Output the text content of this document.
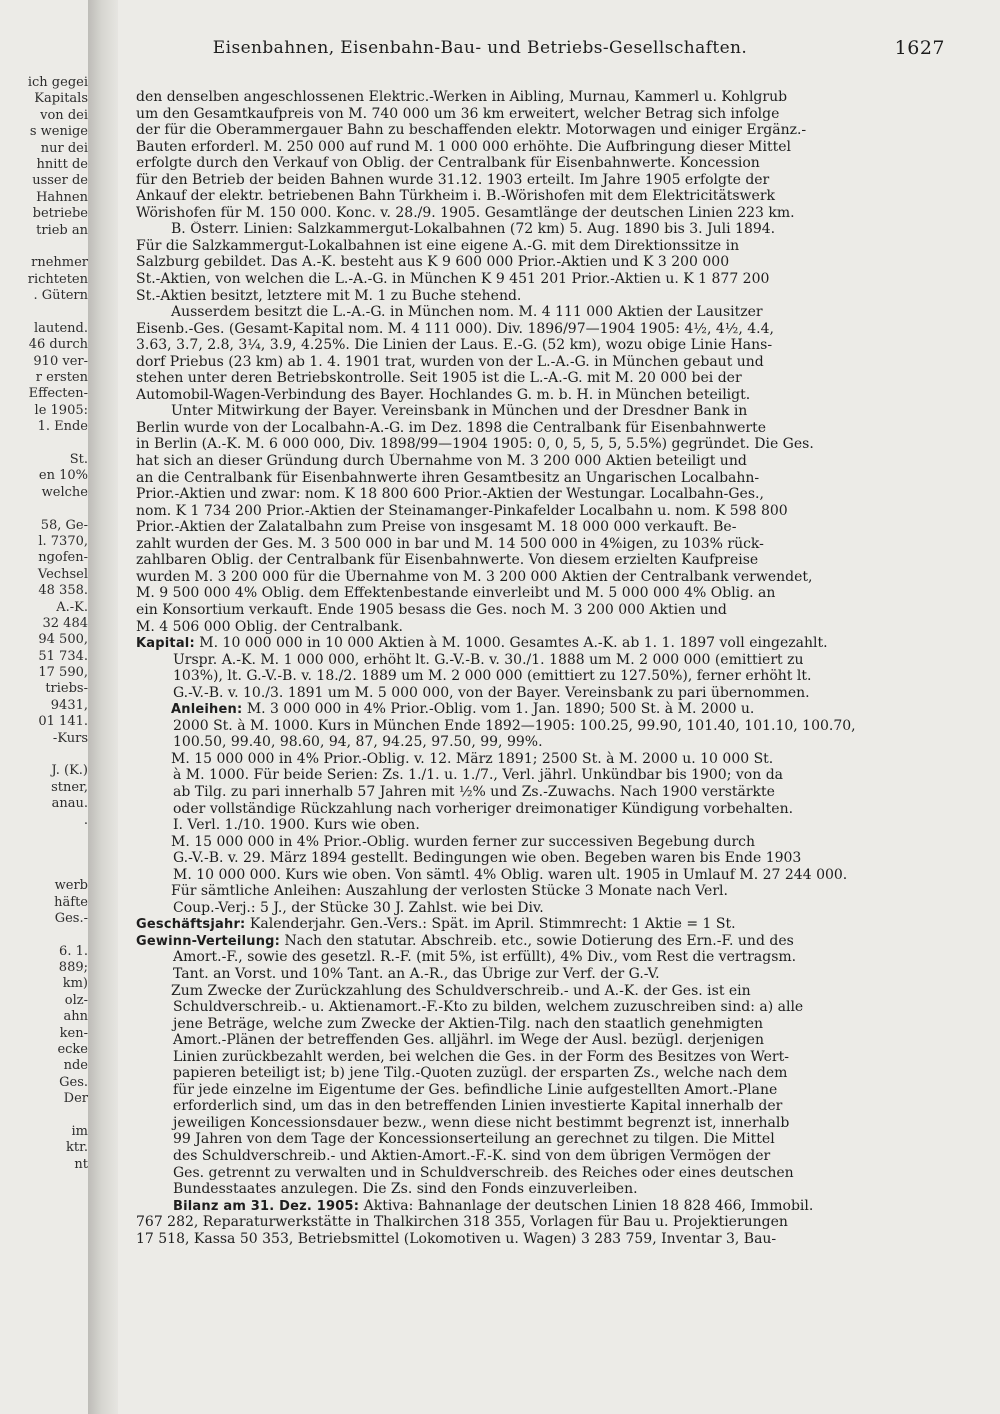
ich gegei
Kapitals
von dei
s wenige
nur dei
hnitt de
usser de
Hahnen
betriebe
trieb an
rnehmer
richteten
. Gütern
lautend.
46 durch
910 ver-
r ersten
Effecten-
le 1905:
1. Ende
St.
en 10%
welche
58, Ge-
l. 7370,
ngofen-
Vechsel
48 358.
A.-K.
32 484
94 500,
51 734.
17 590,
triebs-
9431,
01 141.
-Kurs
J. (K.)
stner,
anau.
.
werb
häfte
Ges.-
6. 1.
889;
km)
olz-
ahn
ken-
ecke
nde
Ges.
Der
im
ktr.
nt
Eisenbahnen, Eisenbahn-Bau- und Betriebs-Gesellschaften.	1627
den denselben angeschlossenen Elektric.-Werken in Aibling, Murnau, Kammerl u. Kohlgrub
um den Gesamtkaufpreis von M. 740 000 um 36 km erweitert, welcher Betrag sich infolge
der für die Oberammergauer Bahn zu beschaffenden elektr. Motorwagen und einiger Ergänz.-
Bauten erforderl. M. 250 000 auf rund M. 1 000 000 erhöhte. Die Aufbringung dieser Mittel
erfolgte durch den Verkauf von Oblig. der Centralbank für Eisenbahnwerte. Koncession
für den Betrieb der beiden Bahnen wurde 31.12. 1903 erteilt. Im Jahre 1905 erfolgte der
Ankauf der elektr. betriebenen Bahn Türkheim i. B.-Wörishofen mit dem Elektricitätswerk
Wörishofen für M. 150 000. Konc. v. 28./9. 1905. Gesamtlänge der deutschen Linien 223 km.
B. Österr. Linien: Salzkammergut-Lokalbahnen (72 km) 5. Aug. 1890 bis 3. Juli 1894.
Für die Salzkammergut-Lokalbahnen ist eine eigene A.-G. mit dem Direktionssitze in
Salzburg gebildet. Das A.-K. besteht aus K 9 600 000 Prior.-Aktien und K 3 200 000
St.-Aktien, von welchen die L.-A.-G. in München K 9 451 201 Prior.-Aktien u. K 1 877 200
St.-Aktien besitzt, letztere mit M. 1 zu Buche stehend.
Ausserdem besitzt die L.-A.-G. in München nom. M. 4 111 000 Aktien der Lausitzer
Eisenb.-Ges. (Gesamt-Kapital nom. M. 4 111 000). Div. 1896/97—1904 1905: 4½, 4½, 4.4,
3.63, 3.7, 2.8, 3¼, 3.9, 4.25%. Die Linien der Laus. E.-G. (52 km), wozu obige Linie Hans-
dorf Priebus (23 km) ab 1. 4. 1901 trat, wurden von der L.-A.-G. in München gebaut und
stehen unter deren Betriebskontrolle. Seit 1905 ist die L.-A.-G. mit M. 20 000 bei der
Automobil-Wagen-Verbindung des Bayer. Hochlandes G. m. b. H. in München beteiligt.
Unter Mitwirkung der Bayer. Vereinsbank in München und der Dresdner Bank in
Berlin wurde von der Localbahn-A.-G. im Dez. 1898 die Centralbank für Eisenbahnwerte
in Berlin (A.-K. M. 6 000 000, Div. 1898/99—1904 1905: 0, 0, 5, 5, 5, 5.5%) gegründet. Die Ges.
hat sich an dieser Gründung durch Übernahme von M. 3 200 000 Aktien beteiligt und
an die Centralbank für Eisenbahnwerte ihren Gesamtbesitz an Ungarischen Localbahn-
Prior.-Aktien und zwar: nom. K 18 800 600 Prior.-Aktien der Westungar. Localbahn-Ges.,
nom. K 1 734 200 Prior.-Aktien der Steinamanger-Pinkafelder Localbahn u. nom. K 598 800
Prior.-Aktien der Zalatalbahn zum Preise von insgesamt M. 18 000 000 verkauft. Be-
zahlt wurden der Ges. M. 3 500 000 in bar und M. 14 500 000 in 4%igen, zu 103% rück-
zahlbaren Oblig. der Centralbank für Eisenbahnwerte. Von diesem erzielten Kaufpreise
wurden M. 3 200 000 für die Übernahme von M. 3 200 000 Aktien der Centralbank verwendet,
M. 9 500 000 4% Oblig. dem Effektenbestande einverleibt und M. 5 000 000 4% Oblig. an
ein Konsortium verkauft. Ende 1905 besass die Ges. noch M. 3 200 000 Aktien und
M. 4 506 000 Oblig. der Centralbank.
Kapital: M. 10 000 000 in 10 000 Aktien à M. 1000. Gesamtes A.-K. ab 1. 1. 1897 voll eingezahlt.
Urspr. A.-K. M. 1 000 000, erhöht lt. G.-V.-B. v. 30./1. 1888 um M. 2 000 000 (emittiert zu
103%), lt. G.-V.-B. v. 18./2. 1889 um M. 2 000 000 (emittiert zu 127.50%), ferner erhöht lt.
G.-V.-B. v. 10./3. 1891 um M. 5 000 000, von der Bayer. Vereinsbank zu pari übernommen.
Anleihen: M. 3 000 000 in 4% Prior.-Oblig. vom 1. Jan. 1890; 500 St. à M. 2000 u.
2000 St. à M. 1000. Kurs in München Ende 1892—1905: 100.25, 99.90, 101.40, 101.10, 100.70,
100.50, 99.40, 98.60, 94, 87, 94.25, 97.50, 99, 99%.
M. 15 000 000 in 4% Prior.-Oblig. v. 12. März 1891; 2500 St. à M. 2000 u. 10 000 St.
à M. 1000. Für beide Serien: Zs. 1./1. u. 1./7., Verl. jährl. Unkündbar bis 1900; von da
ab Tilg. zu pari innerhalb 57 Jahren mit ½% und Zs.-Zuwachs. Nach 1900 verstärkte
oder vollständige Rückzahlung nach vorheriger dreimonatiger Kündigung vorbehalten.
I. Verl. 1./10. 1900. Kurs wie oben.
M. 15 000 000 in 4% Prior.-Oblig. wurden ferner zur successiven Begebung durch
G.-V.-B. v. 29. März 1894 gestellt. Bedingungen wie oben. Begeben waren bis Ende 1903
M. 10 000 000. Kurs wie oben. Von sämtl. 4% Oblig. waren ult. 1905 in Umlauf M. 27 244 000.
Für sämtliche Anleihen: Auszahlung der verlosten Stücke 3 Monate nach Verl.
Coup.-Verj.: 5 J., der Stücke 30 J. Zahlst. wie bei Div.
Geschäftsjahr: Kalenderjahr. Gen.-Vers.: Spät. im April. Stimmrecht: 1 Aktie = 1 St.
Gewinn-Verteilung: Nach den statutar. Abschreib. etc., sowie Dotierung des Ern.-F. und des
Amort.-F., sowie des gesetzl. R.-F. (mit 5%, ist erfüllt), 4% Div., vom Rest die vertragsm.
Tant. an Vorst. und 10% Tant. an A.-R., das Übrige zur Verf. der G.-V.
Zum Zwecke der Zurückzahlung des Schuldverschreib.- und A.-K. der Ges. ist ein
Schuldverschreib.- u. Aktienamort.-F.-Kto zu bilden, welchem zuzuschreiben sind: a) alle
jene Beträge, welche zum Zwecke der Aktien-Tilg. nach den staatlich genehmigten
Amort.-Plänen der betreffenden Ges. alljährl. im Wege der Ausl. bezügl. derjenigen
Linien zurückbezahlt werden, bei welchen die Ges. in der Form des Besitzes von Wert-
papieren beteiligt ist; b) jene Tilg.-Quoten zuzügl. der ersparten Zs., welche nach dem
für jede einzelne im Eigentume der Ges. befindliche Linie aufgestellten Amort.-Plane
erforderlich sind, um das in den betreffenden Linien investierte Kapital innerhalb der
jeweiligen Koncessionsdauer bezw., wenn diese nicht bestimmt begrenzt ist, innerhalb
99 Jahren von dem Tage der Koncessionserteilung an gerechnet zu tilgen. Die Mittel
des Schuldverschreib.- und Aktien-Amort.-F.-K. sind von dem übrigen Vermögen der
Ges. getrennt zu verwalten und in Schuldverschreib. des Reiches oder eines deutschen
Bundesstaates anzulegen. Die Zs. sind den Fonds einzuverleiben.
Bilanz am 31. Dez. 1905: Aktiva: Bahnanlage der deutschen Linien 18 828 466, Immobil.
767 282, Reparaturwerkstätte in Thalkirchen 318 355, Vorlagen für Bau u. Projektierungen
17 518, Kassa 50 353, Betriebsmittel (Lokomotiven u. Wagen) 3 283 759, Inventar 3, Bau-
